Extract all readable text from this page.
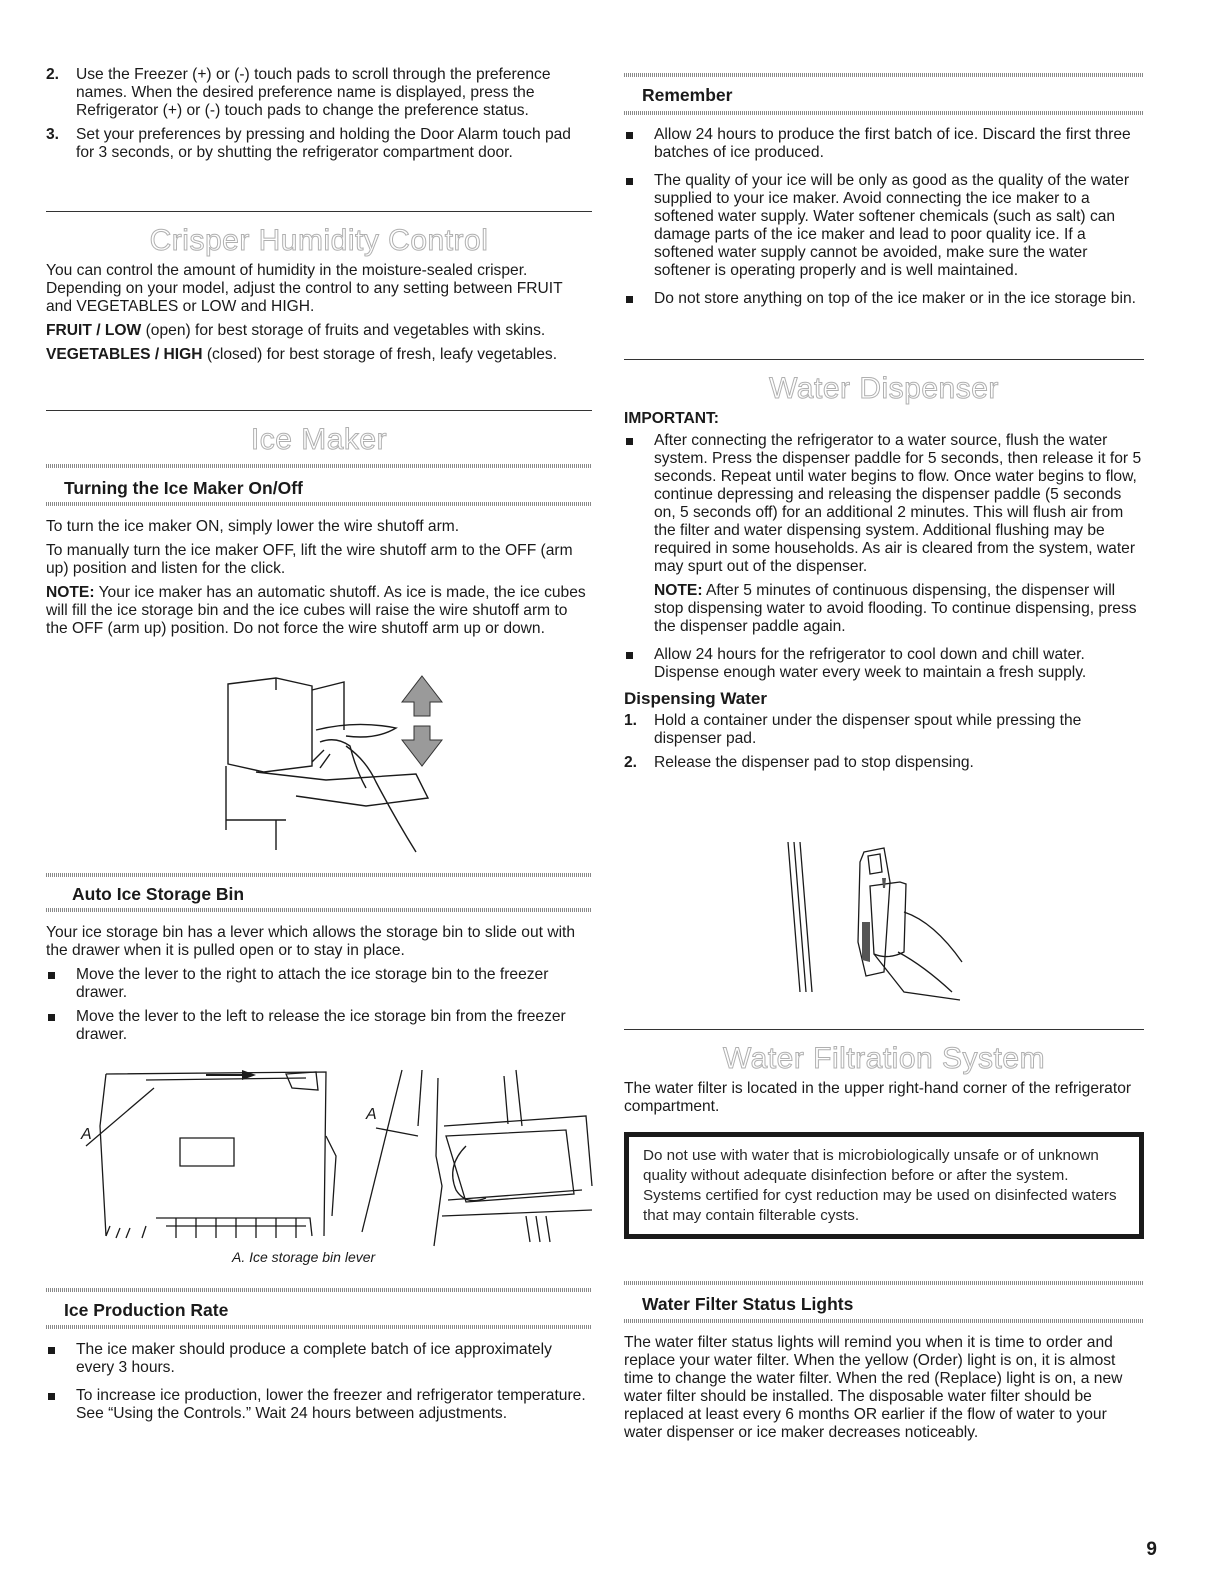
2. Use the Freezer (+) or (-) touch pads to scroll through the preference names. When the desired preference name is displayed, press the Refrigerator (+) or (-) touch pads to change the preference status.
3. Set your preferences by pressing and holding the Door Alarm touch pad for 3 seconds, or by shutting the refrigerator compartment door.
Crisper Humidity Control

You can control the amount of humidity in the moisture-sealed crisper. Depending on your model, adjust the control to any setting between FRUIT and VEGETABLES or LOW and HIGH.

FRUIT / LOW (open) for best storage of fruits and vegetables with skins.

VEGETABLES / HIGH (closed) for best storage of fresh, leafy vegetables.

Ice Maker
Turning the Ice Maker On/Off

To turn the ice maker ON, simply lower the wire shutoff arm.

To manually turn the ice maker OFF, lift the wire shutoff arm to the OFF (arm up) position and listen for the click.

NOTE: Your ice maker has an automatic shutoff. As ice is made, the ice cubes will fill the ice storage bin and the ice cubes will raise the wire shutoff arm to the OFF (arm up) position. Do not force the wire shutoff arm up or down.

Auto Ice Storage Bin

Your ice storage bin has a lever which allows the storage bin to slide out with the drawer when it is pulled open or to stay in place.

Move the lever to the right to attach the ice storage bin to the freezer drawer.
Move the lever to the left to release the ice storage bin from the freezer drawer.
A
A
A. Ice storage bin lever
Ice Production Rate
The ice maker should produce a complete batch of ice approximately every 3 hours.
To increase ice production, lower the freezer and refrigerator temperature. See “Using the Controls.” Wait 24 hours between adjustments.
Remember
Allow 24 hours to produce the first batch of ice. Discard the first three batches of ice produced.
The quality of your ice will be only as good as the quality of the water supplied to your ice maker. Avoid connecting the ice maker to a softened water supply. Water softener chemicals (such as salt) can damage parts of the ice maker and lead to poor quality ice. If a softened water supply cannot be avoided, make sure the water softener is operating properly and is well maintained.
Do not store anything on top of the ice maker or in the ice storage bin.
Water Dispenser

IMPORTANT:

After connecting the refrigerator to a water source, flush the water system. Press the dispenser paddle for 5 seconds, then release it for 5 seconds. Repeat until water begins to flow. Once water begins to flow, continue depressing and releasing the dispenser paddle (5 seconds on, 5 seconds off) for an additional 2 minutes. This will flush air from the filter and water dispensing system. Additional flushing may be required in some households. As air is cleared from the system, water may spurt out of the dispenser.

NOTE: After 5 minutes of continuous dispensing, the dispenser will stop dispensing water to avoid flooding. To continue dispensing, press the dispenser paddle again.

Allow 24 hours for the refrigerator to cool down and chill water. Dispense enough water every week to maintain a fresh supply.

Dispensing Water

1. Hold a container under the dispenser spout while pressing the dispenser pad.
2. Release the dispenser pad to stop dispensing.
Water Filtration System

The water filter is located in the upper right-hand corner of the refrigerator compartment.

Do not use with water that is microbiologically unsafe or of unknown quality without adequate disinfection before or after the system. Systems certified for cyst reduction may be used on disinfected waters that may contain filterable cysts.
Water Filter Status Lights

The water filter status lights will remind you when it is time to order and replace your water filter. When the yellow (Order) light is on, it is almost time to change the water filter. When the red (Replace) light is on, a new water filter should be installed. The disposable water filter should be replaced at least every 6 months OR earlier if the flow of water to your water dispenser or ice maker decreases noticeably.

9
